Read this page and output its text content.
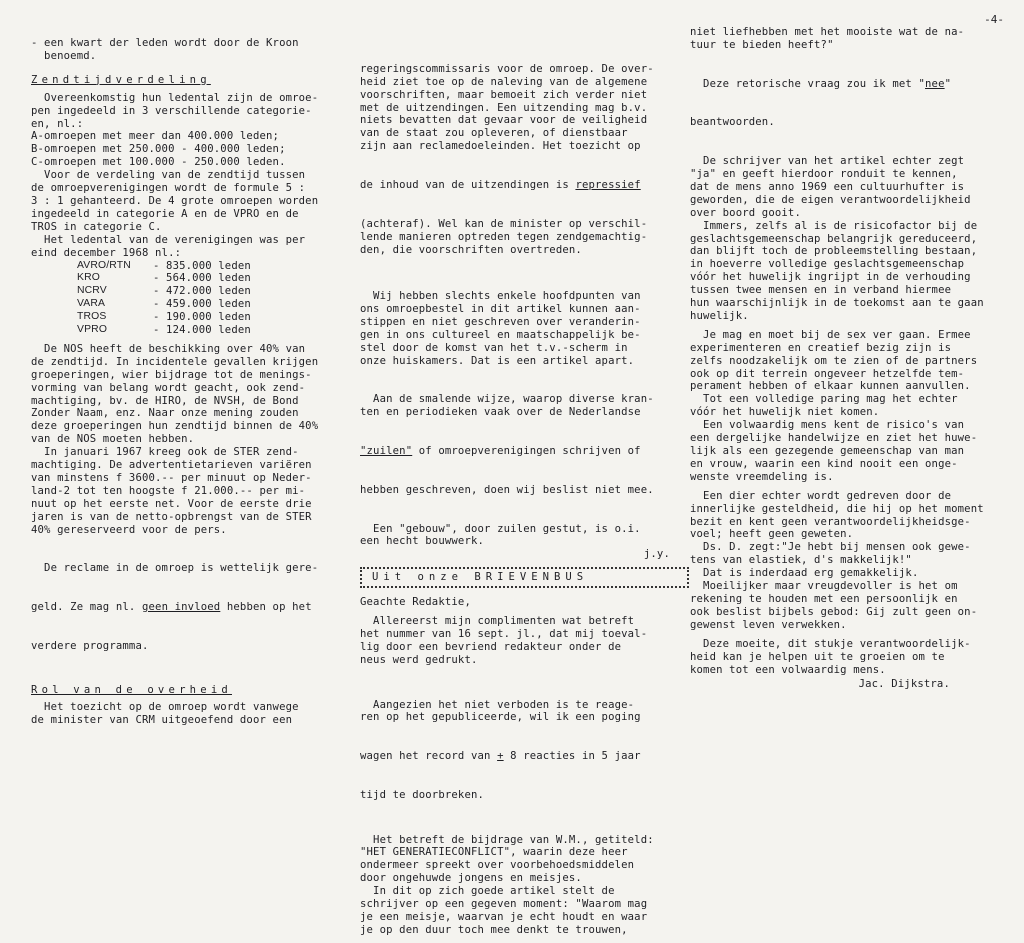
-4-
- een kwart der leden wordt door de Kroon
benoemd.
Zendtijdverdeling
Overeenkomstig hun ledental zijn de omroe-
pen ingedeeld in 3 verschillende categorie-
en, nl.:
A-omroepen met meer dan 400.000 leden;
B-omroepen met 250.000 - 400.000 leden;
C-omroepen met 100.000 - 250.000 leden.
Voor de verdeling van de zendtijd tussen
de omroepverenigingen wordt de formule 5 :
3 : 1 gehanteerd. De 4 grote omroepen worden
ingedeeld in categorie A en de VPRO en de
TROS in categorie C.
Het ledental van de verenigingen was per
eind december 1968 nl.:
AVRO/RTN	- 835.000 leden
KRO	- 564.000 leden
NCRV	- 472.000 leden
VARA	- 459.000 leden
TROS	- 190.000 leden
VPRO	- 124.000 leden
De NOS heeft de beschikking over 40% van
de zendtijd. In incidentele gevallen krijgen
groeperingen, wier bijdrage tot de menings-
vorming van belang wordt geacht, ook zend-
machtiging, bv. de HIRO, de NVSH, de Bond
Zonder Naam, enz. Naar onze mening zouden
deze groeperingen hun zendtijd binnen de 40%
van de NOS moeten hebben.
In januari 1967 kreeg ook de STER zend-
machtiging. De advertentietarieven variëren
van minstens f 3600.-- per minuut op Neder-
land-2 tot ten hoogste f 21.000.-- per mi-
nuut op het eerste net. Voor de eerste drie
jaren is van de netto-opbrengst van de STER
40% gereserveerd voor de pers.

De reclame in de omroep is wettelijk gere-

geld. Ze mag nl. geen invloed hebben op het

verdere programma.

Rol van de overheid
Het toezicht op de omroep wordt vanwege
de minister van CRM uitgeoefend door een

regeringscommissaris voor de omroep. De over-
heid ziet toe op de naleving van de algemene
voorschriften, maar bemoeit zich verder niet
met de uitzendingen. Een uitzending mag b.v.
niets bevatten dat gevaar voor de veiligheid
van de staat zou opleveren, of dienstbaar
zijn aan reclamedoeleinden. Het toezicht op

de inhoud van de uitzendingen is repressief

(achteraf). Wel kan de minister op verschil-
lende manieren optreden tegen zendgemachtig-
den, die voorschriften overtreden.

Wij hebben slechts enkele hoofdpunten van
ons omroepbestel in dit artikel kunnen aan-
stippen en niet geschreven over veranderin-
gen in ons cultureel en maatschappelijk be-
stel door de komst van het t.v.-scherm in
onze huiskamers. Dat is een artikel apart.

Aan de smalende wijze, waarop diverse kran-
ten en periodieken vaak over de Nederlandse

"zuilen" of omroepverenigingen schrijven of

hebben geschreven, doen wij beslist niet mee.

Een "gebouw", door zuilen gestut, is o.i.
een hecht bouwwerk.
j.y.
Uit onze BRIEVENBUS
Geachte Redaktie,
Allereerst mijn complimenten wat betreft
het nummer van 16 sept. jl., dat mij toeval-
lig door een bevriend redakteur onder de
neus werd gedrukt.

Aangezien het niet verboden is te reage-
ren op het gepubliceerde, wil ik een poging

wagen het record van + 8 reacties in 5 jaar

tijd te doorbreken.

Het betreft de bijdrage van W.M., getiteld:
"HET GENERATIECONFLICT", waarin deze heer
ondermeer spreekt over voorbehoedsmiddelen
door ongehuwde jongens en meisjes.
In dit op zich goede artikel stelt de
schrijver op een gegeven moment: "Waarom mag
je een meisje, waarvan je echt houdt en waar
je op den duur toch mee denkt te trouwen,
niet liefhebben met het mooiste wat de na-
tuur te bieden heeft?"

Deze retorische vraag zou ik met "nee"

beantwoorden.

De schrijver van het artikel echter zegt
"ja" en geeft hierdoor ronduit te kennen,
dat de mens anno 1969 een cultuurhufter is
geworden, die de eigen verantwoordelijkheid
over boord gooit.
Immers, zelfs al is de risicofactor bij de
geslachtsgemeenschap belangrijk gereduceerd,
dan blijft toch de probleemstelling bestaan,
in hoeverre volledige geslachtsgemeenschap
vóór het huwelijk ingrijpt in de verhouding
tussen twee mensen en in verband hiermee
hun waarschijnlijk in de toekomst aan te gaan
huwelijk.
Je mag en moet bij de sex ver gaan. Ermee
experimenteren en creatief bezig zijn is
zelfs noodzakelijk om te zien of de partners
ook op dit terrein ongeveer hetzelfde tem-
perament hebben of elkaar kunnen aanvullen.
Tot een volledige paring mag het echter
vóór het huwelijk niet komen.
Een volwaardig mens kent de risico's van
een dergelijke handelwijze en ziet het huwe-
lijk als een gezegende gemeenschap van man
en vrouw, waarin een kind nooit een onge-
wenste vreemdeling is.
Een dier echter wordt gedreven door de
innerlijke gesteldheid, die hij op het moment
bezit en kent geen verantwoordelijkheidsge-
voel; heeft geen geweten.
Ds. D. zegt:"Je hebt bij mensen ook gewe-
tens van elastiek, d's makkelijk!"
Dat is inderdaad erg gemakkelijk.
Moeilijker maar vreugdevoller is het om
rekening te houden met een persoonlijk en
ook beslist bijbels gebod: Gij zult geen on-
gewenst leven verwekken.
Deze moeite, dit stukje verantwoordelijk-
heid kan je helpen uit te groeien om te
komen tot een volwaardig mens.
Jac. Dijkstra.
